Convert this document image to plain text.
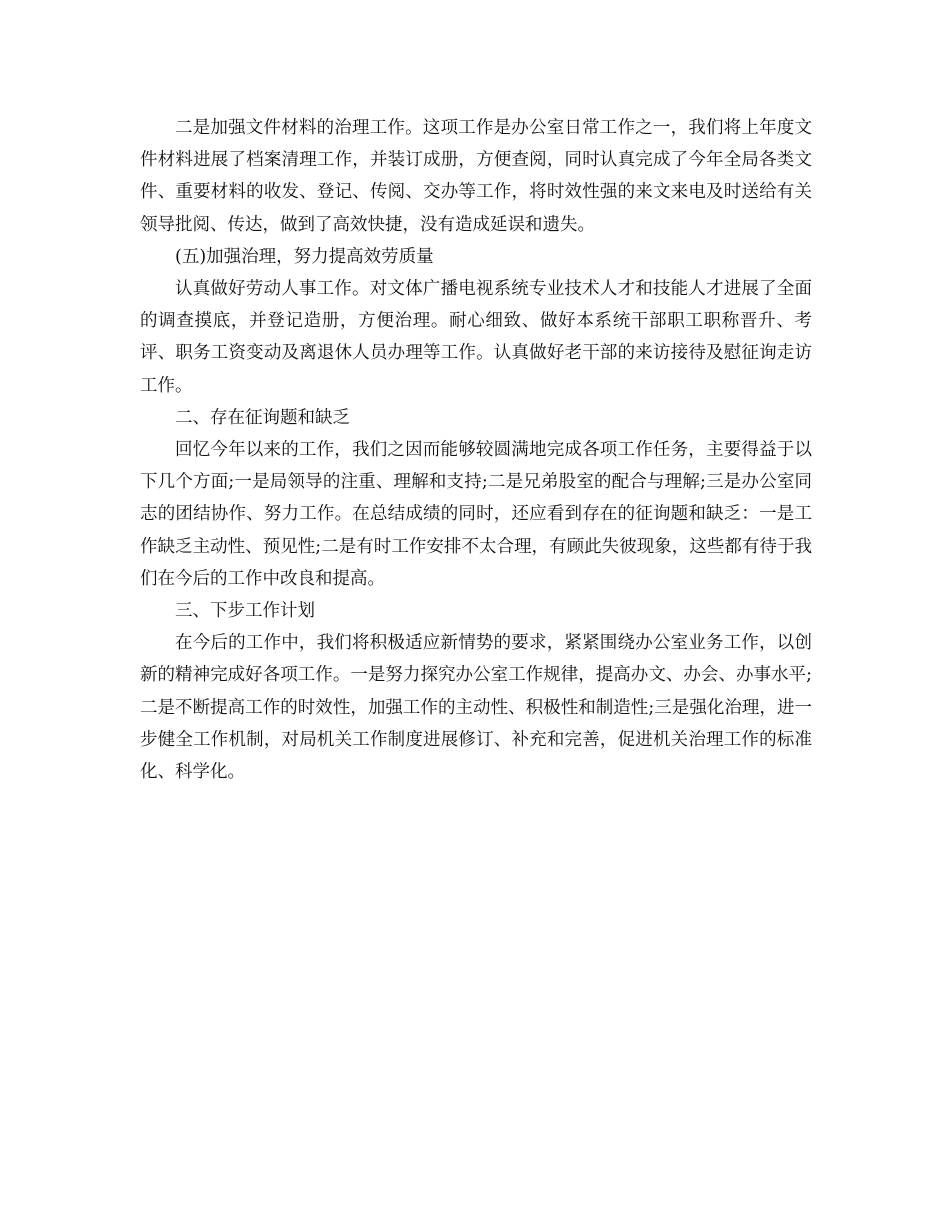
二是加强文件材料的治理工作。这项工作是办公室日常工作之一，我们将上年度文件材料进展了档案清理工作，并装订成册，方便查阅，同时认真完成了今年全局各类文件、重要材料的收发、登记、传阅、交办等工作，将时效性强的来文来电及时送给有关领导批阅、传达，做到了高效快捷，没有造成延误和遗失。

(五)加强治理，努力提高效劳质量

认真做好劳动人事工作。对文体广播电视系统专业技术人才和技能人才进展了全面的调查摸底，并登记造册，方便治理。耐心细致、做好本系统干部职工职称晋升、考评、职务工资变动及离退休人员办理等工作。认真做好老干部的来访接待及慰征询走访工作。

二、存在征询题和缺乏

回忆今年以来的工作，我们之因而能够较圆满地完成各项工作任务，主要得益于以下几个方面;一是局领导的注重、理解和支持;二是兄弟股室的配合与理解;三是办公室同志的团结协作、努力工作。在总结成绩的同时，还应看到存在的征询题和缺乏：一是工作缺乏主动性、预见性;二是有时工作安排不太合理，有顾此失彼现象，这些都有待于我们在今后的工作中改良和提高。

三、下步工作计划

在今后的工作中，我们将积极适应新情势的要求，紧紧围绕办公室业务工作，以创新的精神完成好各项工作。一是努力探究办公室工作规律，提高办文、办会、办事水平;二是不断提高工作的时效性，加强工作的主动性、积极性和制造性;三是强化治理，进一步健全工作机制，对局机关工作制度进展修订、补充和完善，促进机关治理工作的标准化、科学化。
